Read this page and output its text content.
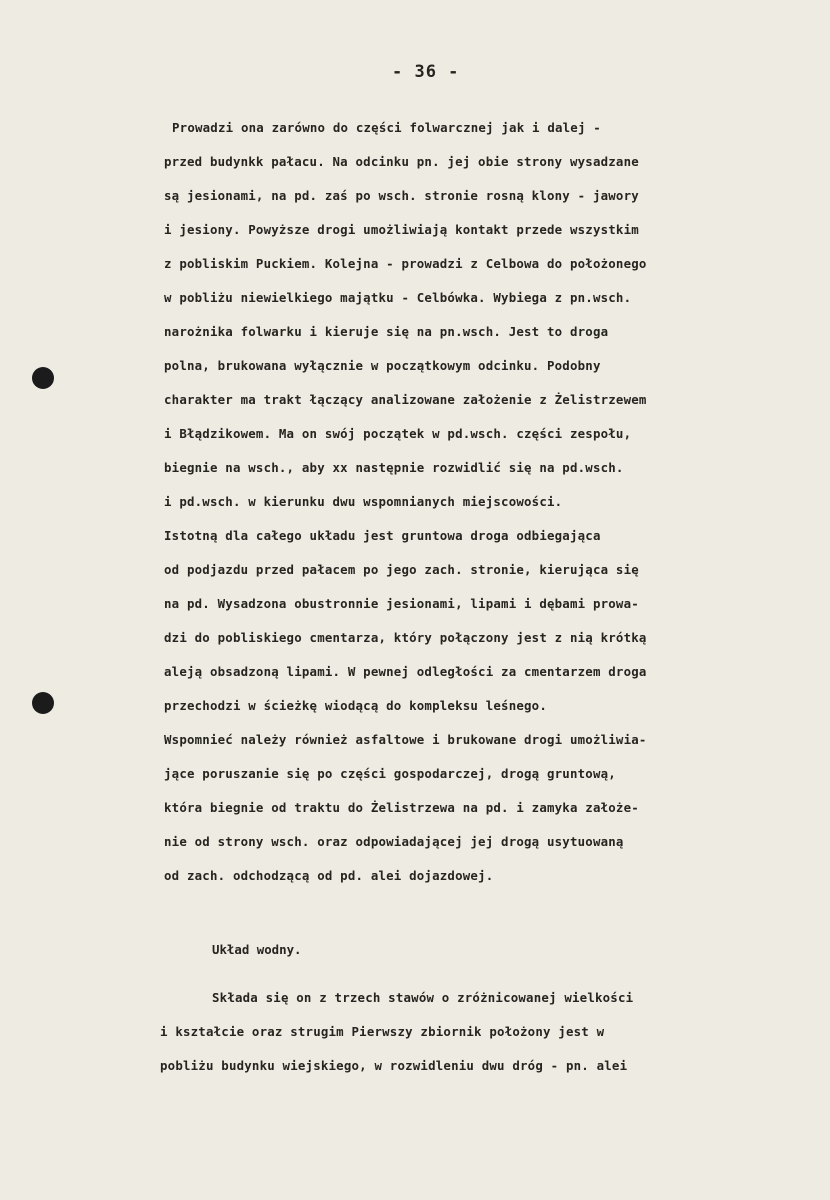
- 36 -
Prowadzi ona zarówno do części folwarcznej jak i dalej -
przed budynkk pałacu. Na odcinku pn. jej obie strony wysadzane
są jesionami, na pd. zaś po wsch. stronie rosną klony - jawory
i jesiony. Powyższe drogi umożliwiają kontakt przede wszystkim
z pobliskim Puckiem. Kolejna - prowadzi z Celbowa do położonego
w pobliżu niewielkiego majątku - Celbówka. Wybiega z pn.wsch.
narożnika folwarku i kieruje się na pn.wsch. Jest to droga
polna, brukowana wyłącznie w początkowym odcinku. Podobny
charakter ma trakt łączący analizowane założenie z Żelistrzewem
i Błądzikowem. Ma on swój początek w pd.wsch. części zespołu,
biegnie na wsch., aby xx następnie rozwidlić się na pd.wsch.
i pd.wsch. w kierunku dwu wspomnianych miejscowości.
Istotną dla całego układu jest gruntowa droga odbiegająca
od podjazdu przed pałacem po jego zach. stronie, kierująca się
na pd. Wysadzona obustronnie jesionami, lipami i dębami prowa-
dzi do pobliskiego cmentarza, który połączony jest z nią krótką
aleją obsadzoną lipami. W pewnej odległości za cmentarzem droga
przechodzi w ścieżkę wiodącą do kompleksu leśnego.
Wspomnieć należy również asfaltowe i brukowane drogi umożliwia-
jące poruszanie się po części gospodarczej, drogą gruntową,
która biegnie od traktu do Żelistrzewa na pd. i zamyka założe-
nie od strony wsch. oraz odpowiadającej jej drogą usytuowaną
od zach. odchodzącą od pd. alei dojazdowej.
Układ wodny.
Składa się on z trzech stawów o zróżnicowanej wielkości
i kształcie oraz strugim Pierwszy zbiornik położony jest w
pobliżu budynku wiejskiego, w rozwidleniu dwu dróg - pn. alei
